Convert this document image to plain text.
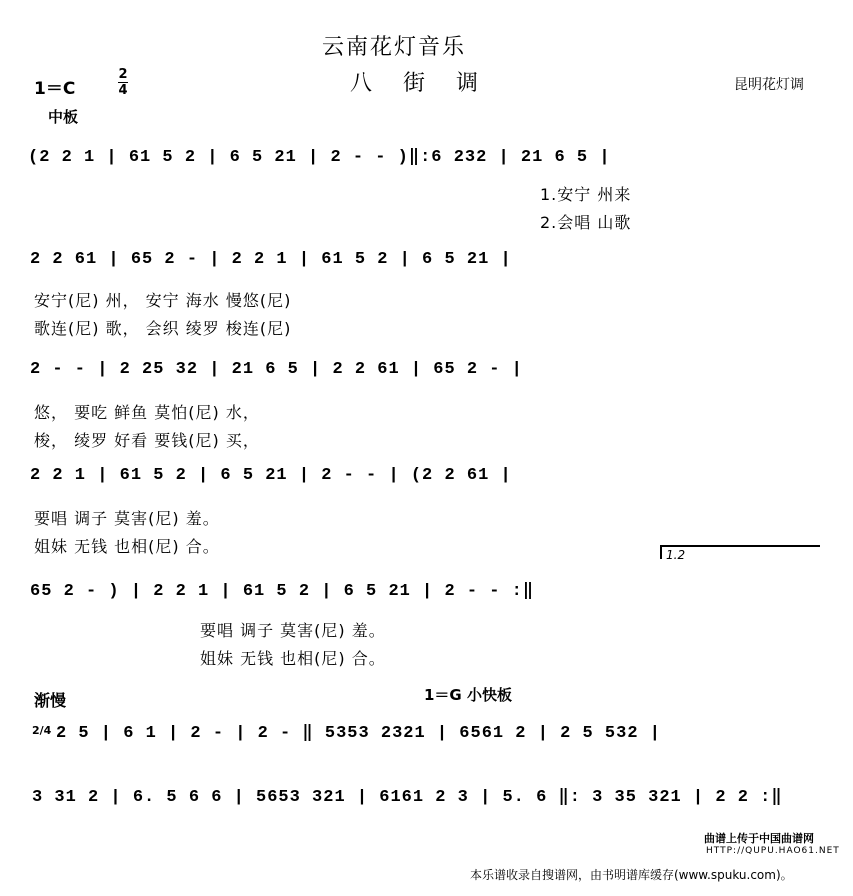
云南花灯音乐
八 街 调
1＝C
2
4	昆明花灯调
中板
(2 2 1 | 61 5 2 | 6 5 21 | 2 - - )‖:6 232 | 21 6 5 |
1.安宁 州来
2.会唱 山歌
2 2 61 | 65 2 - | 2 2 1 | 61 5 2 | 6 5 21 |
安宁(尼) 州， 安宁 海水 慢悠(尼)
歌连(尼) 歌， 会织 绫罗 梭连(尼)
2 - - | 2 25 32 | 21 6 5 | 2 2 61 | 65 2 - |
悠， 要吃 鲜鱼 莫怕(尼) 水，
梭， 绫罗 好看 要钱(尼) 买，
2 2 1 | 61 5 2 | 6 5 21 | 2 - - | (2 2 61 |
要唱 调子 莫害(尼) 羞。
姐妹 无钱 也相(尼) 合。	1.2
65 2 - ) | 2 2 1 | 61 5 2 | 6 5 21 | 2 - - :‖
要唱 调子 莫害(尼) 羞。
姐妹 无钱 也相(尼) 合。
渐慢	1＝G 小快板
2/4 2 5 | 6 1 | 2 - | 2 - ‖ 5353 2321 | 6561 2 | 2 5 532 |
3 31 2 | 6. 5 6 6 | 5653 321 | 6161 2 3 | 5. 6 ‖: 3 35 321 | 2 2 :‖
曲谱上传于中国曲谱网
HTTP://QUPU.HAO61.NET
本乐谱收录自搜谱网，由书明谱库缓存(www.spuku.com)。
